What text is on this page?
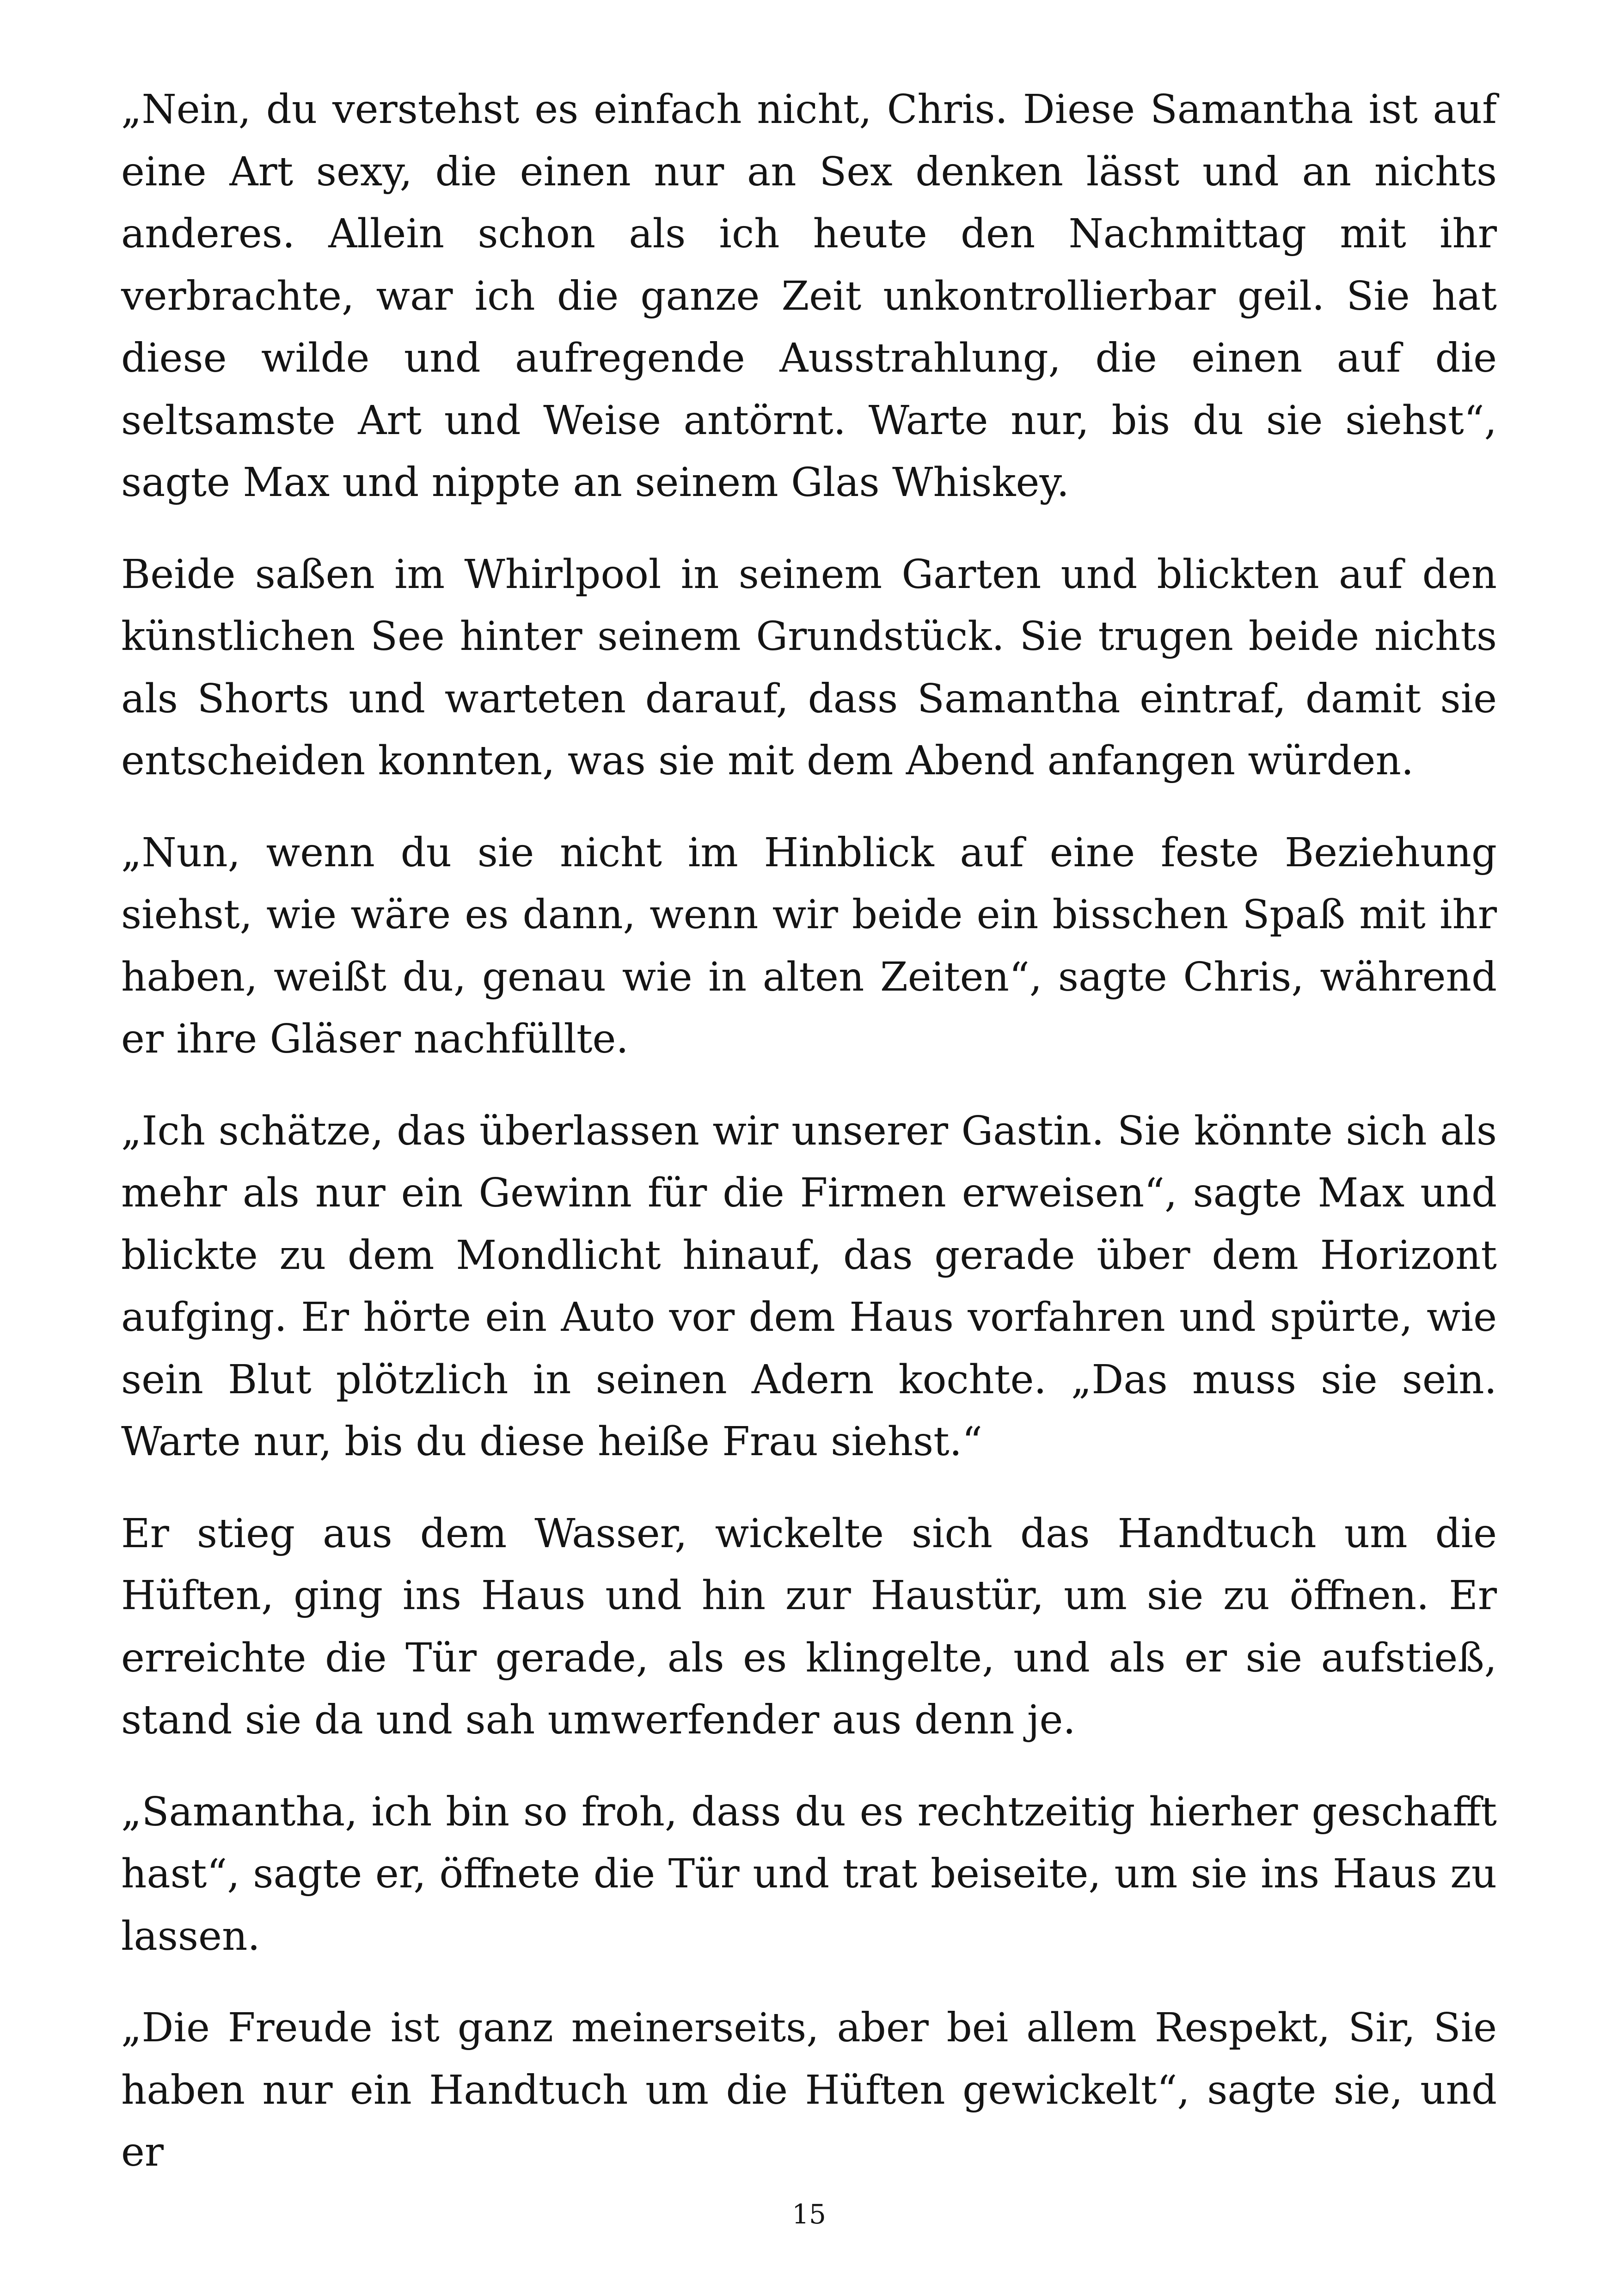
„Nein, du verstehst es einfach nicht, Chris. Diese Samantha ist auf eine Art sexy, die einen nur an Sex denken lässt und an nichts anderes. Allein schon als ich heute den Nachmittag mit ihr verbrachte, war ich die ganze Zeit unkontrollierbar geil. Sie hat diese wilde und aufregende Ausstrahlung, die einen auf die seltsamste Art und Weise antörnt. Warte nur, bis du sie siehst“, sagte Max und nippte an seinem Glas Whiskey.

Beide saßen im Whirlpool in seinem Garten und blickten auf den künstlichen See hinter seinem Grundstück. Sie trugen beide nichts als Shorts und warteten darauf, dass Samantha eintraf, damit sie entscheiden konnten, was sie mit dem Abend anfangen würden.

„Nun, wenn du sie nicht im Hinblick auf eine feste Beziehung siehst, wie wäre es dann, wenn wir beide ein bisschen Spaß mit ihr haben, weißt du, genau wie in alten Zeiten“, sagte Chris, während er ihre Gläser nachfüllte.

„Ich schätze, das überlassen wir unserer Gastin. Sie könnte sich als mehr als nur ein Gewinn für die Firmen erweisen“, sagte Max und blickte zu dem Mondlicht hinauf, das gerade über dem Horizont aufging. Er hörte ein Auto vor dem Haus vorfahren und spürte, wie sein Blut plötzlich in seinen Adern kochte. „Das muss sie sein. Warte nur, bis du diese heiße Frau siehst.“

Er stieg aus dem Wasser, wickelte sich das Handtuch um die Hüften, ging ins Haus und hin zur Haustür, um sie zu öffnen. Er erreichte die Tür gerade, als es klingelte, und als er sie aufstieß, stand sie da und sah umwerfender aus denn je.

„Samantha, ich bin so froh, dass du es rechtzeitig hierher geschafft hast“, sagte er, öffnete die Tür und trat beiseite, um sie ins Haus zu lassen.

„Die Freude ist ganz meinerseits, aber bei allem Respekt, Sir, Sie haben nur ein Handtuch um die Hüften gewickelt“, sagte sie, und er

15
